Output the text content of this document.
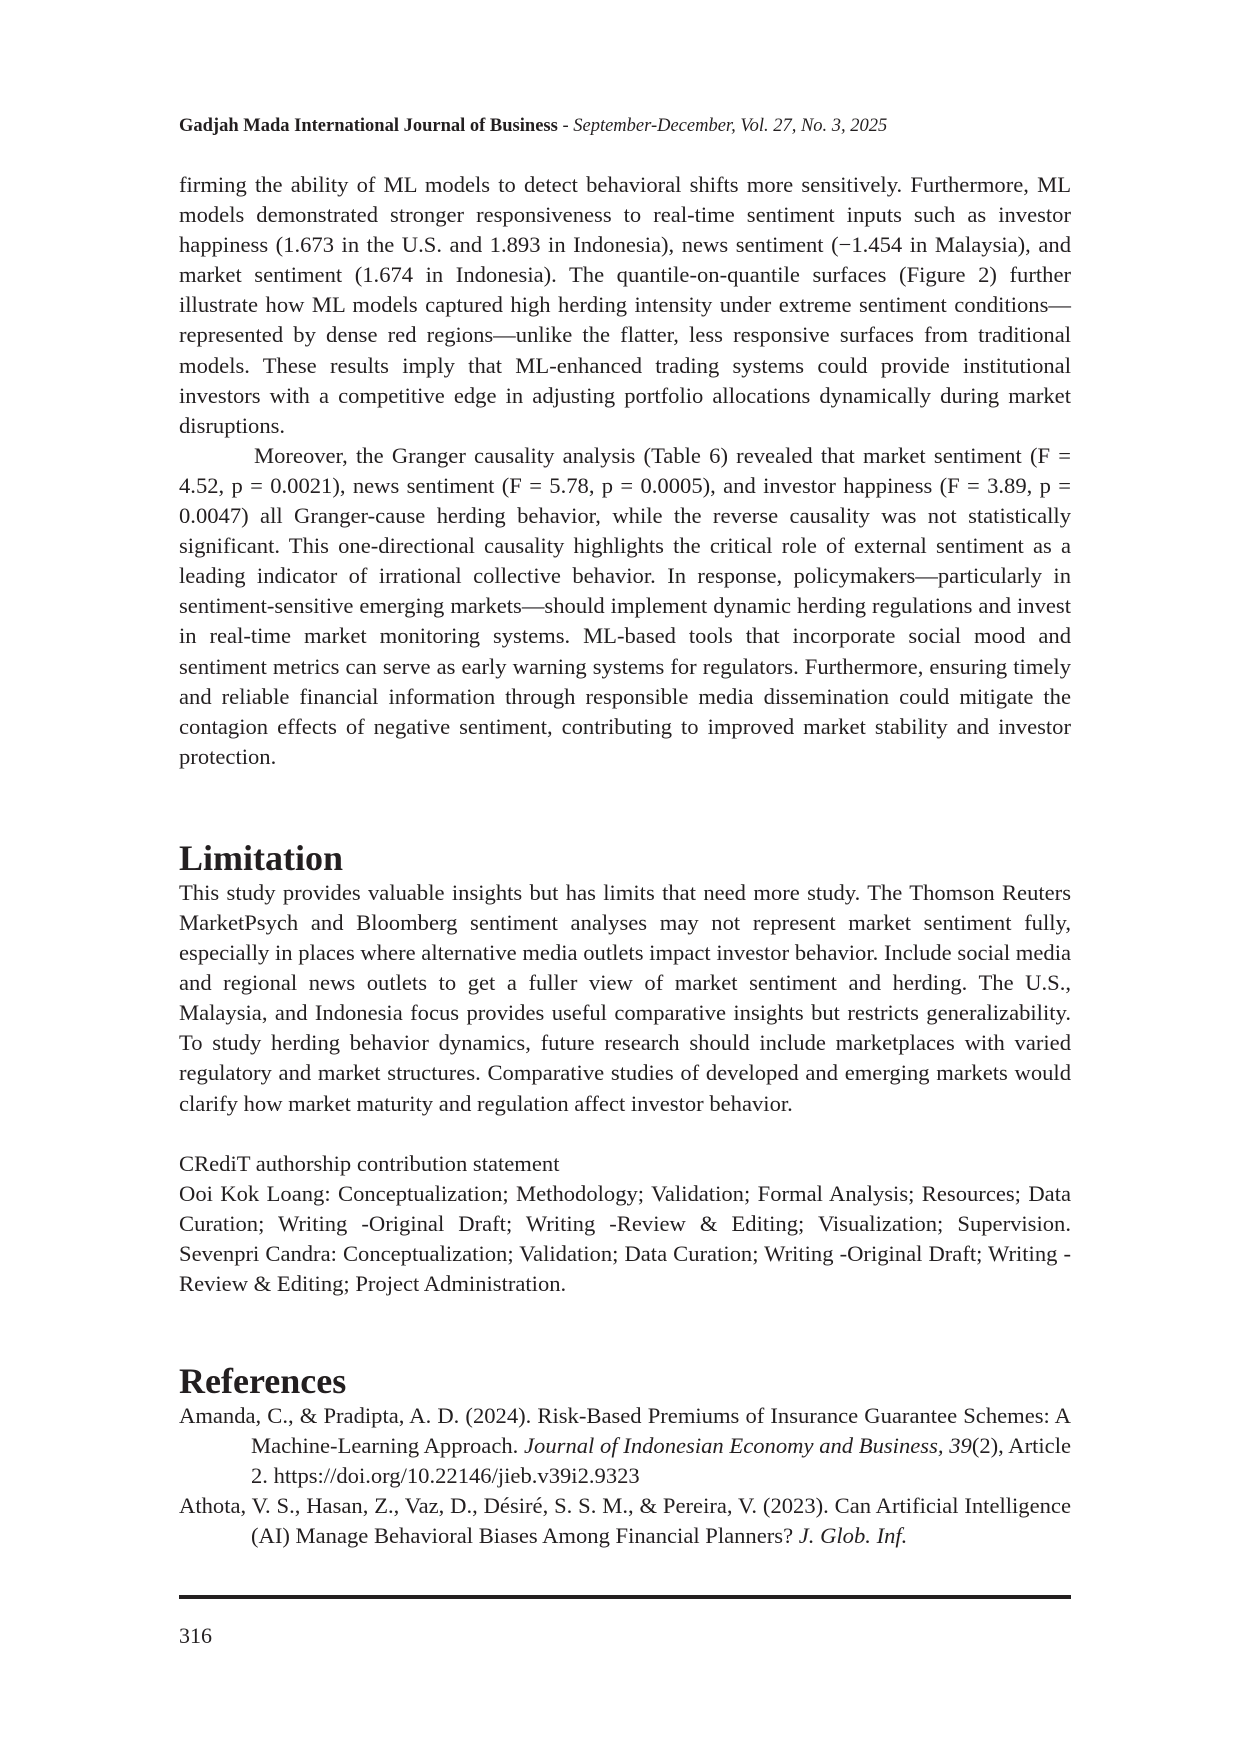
Gadjah Mada International Journal of Business - September-December, Vol. 27, No. 3, 2025

firming the ability of ML models to detect behavioral shifts more sensitively. Furthermore, ML models demonstrated stronger responsiveness to real-time sentiment inputs such as investor happiness (1.673 in the U.S. and 1.893 in Indonesia), news sentiment (−1.454 in Malaysia), and market sentiment (1.674 in Indonesia). The quantile-on-quantile surfaces (Figure 2) further illustrate how ML models captured high herding intensity under extreme sentiment conditions—represented by dense red regions—unlike the flatter, less responsive surfaces from traditional models. These results imply that ML-enhanced trading systems could provide institutional investors with a competitive edge in adjusting portfolio allocations dynamically during market disruptions.

Moreover, the Granger causality analysis (Table 6) revealed that market sentiment (F = 4.52, p = 0.0021), news sentiment (F = 5.78, p = 0.0005), and investor happiness (F = 3.89, p = 0.0047) all Granger-cause herding behavior, while the reverse causality was not statistically significant. This one-directional causality highlights the critical role of external sentiment as a leading indicator of irrational collective behavior. In response, policymakers—particularly in sentiment-sensitive emerging markets—should implement dynamic herding regulations and invest in real-time market monitoring systems. ML-based tools that incorporate social mood and sentiment metrics can serve as early warning systems for regulators. Furthermore, ensuring timely and reliable financial information through responsible media dissemination could mitigate the contagion effects of negative sentiment, contributing to improved market stability and investor protection.

Limitation

This study provides valuable insights but has limits that need more study. The Thomson Reuters MarketPsych and Bloomberg sentiment analyses may not represent market sentiment fully, especially in places where alternative media outlets impact investor behavior. Include social media and regional news outlets to get a fuller view of market sentiment and herding. The U.S., Malaysia, and Indonesia focus provides useful comparative insights but restricts generalizability. To study herding behavior dynamics, future research should include marketplaces with varied regulatory and market structures. Comparative studies of developed and emerging markets would clarify how market maturity and regulation affect investor behavior.

CRediT authorship contribution statement

Ooi Kok Loang: Conceptualization; Methodology; Validation; Formal Analysis; Resources; Data Curation; Writing -Original Draft; Writing -Review & Editing; Visualization; Supervision. Sevenpri Candra: Conceptualization; Validation; Data Curation; Writing -Original Draft; Writing -Review & Editing; Project Administration.

References

Amanda, C., & Pradipta, A. D. (2024). Risk-Based Premiums of Insurance Guarantee Schemes: A Machine-Learning Approach. Journal of Indonesian Economy and Business, 39(2), Article 2. https://doi.org/10.22146/jieb.v39i2.9323

Athota, V. S., Hasan, Z., Vaz, D., Désiré, S. S. M., & Pereira, V. (2023). Can Artificial Intelligence (AI) Manage Behavioral Biases Among Financial Planners? J. Glob. Inf.

316
